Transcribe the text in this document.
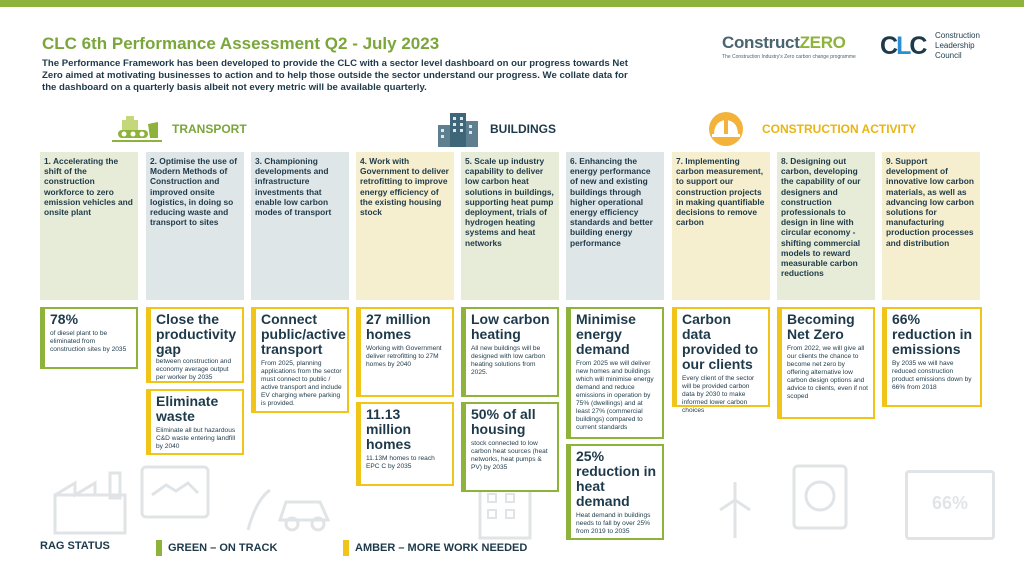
CLC 6th Performance Assessment Q2 - July 2023
The Performance Framework has been developed to provide the CLC with a sector level dashboard on our progress towards Net Zero aimed at motivating businesses to action and to help those outside the sector understand our progress. We collate data for the dashboard on a quarterly basis albeit not every metric will be available quarterly.
ConstructZERO
The Construction Industry's Zero carbon change programme CLC Construction
Leadership
Council
TRANSPORT	BUILDINGS	CONSTRUCTION ACTIVITY
1. Accelerating the shift of the construction workforce to zero emission vehicles and onsite plant
2. Optimise the use of Modern Methods of Construction and improved onsite logistics, in doing so reducing waste and transport to sites
3. Championing developments and infrastructure investments that enable low carbon modes of transport
4. Work with Government to deliver retrofitting to improve energy efficiency of the existing housing stock
5. Scale up industry capability to deliver low carbon heat solutions in buildings, supporting heat pump deployment, trials of hydrogen heating systems and heat networks
6. Enhancing the energy performance of new and existing buildings through higher operational energy efficiency standards and better building energy performance
7. Implementing carbon measurement, to support our construction projects in making quantifiable decisions to remove carbon
8. Designing out carbon, developing the capability of our designers and construction professionals to design in line with circular economy - shifting commercial models to reward measurable carbon reductions
9. Support development of innovative low carbon materials, as well as advancing low carbon solutions for manufacturing production processes and distribution
66%
78%
of diesel plant to be eliminated from construction sites by 2035
Close the productivity gap
between construction and economy average output per worker by 2035
Eliminate waste
Eliminate all but hazardous C&D waste entering landfill by 2040
Connect public/active transport
From 2025, planning applications from the sector must connect to public / active transport and include EV charging where parking is provided.
27 million homes
Working with Government deliver retrofitting to 27M homes by 2040
11.13 million homes
11.13M homes to reach EPC C by 2035
Low carbon heating
All new buildings will be designed with low carbon heating solutions from 2025.
50% of all housing
stock connected to low carbon heat sources (heat networks, heat pumps & PV) by 2035
Minimise energy demand
From 2025 we will deliver new homes and buildings which will minimise energy demand and reduce emissions in operation by 75% (dwellings) and at least 27% (commercial buildings) compared to current standards
25% reduction in heat demand
Heat demand in buildings needs to fall by over 25% from 2019 to 2035
Carbon data provided to our clients
Every client of the sector will be provided carbon data by 2030 to make informed lower carbon choices
Becoming Net Zero
From 2022, we will give all our clients the chance to become net zero by offering alternative low carbon design options and advice to clients, even if not scoped
66% reduction in emissions
By 2035 we will have reduced construction product emissions down by 66% from 2018
RAG STATUS	GREEN – ON TRACK	AMBER – MORE WORK NEEDED
